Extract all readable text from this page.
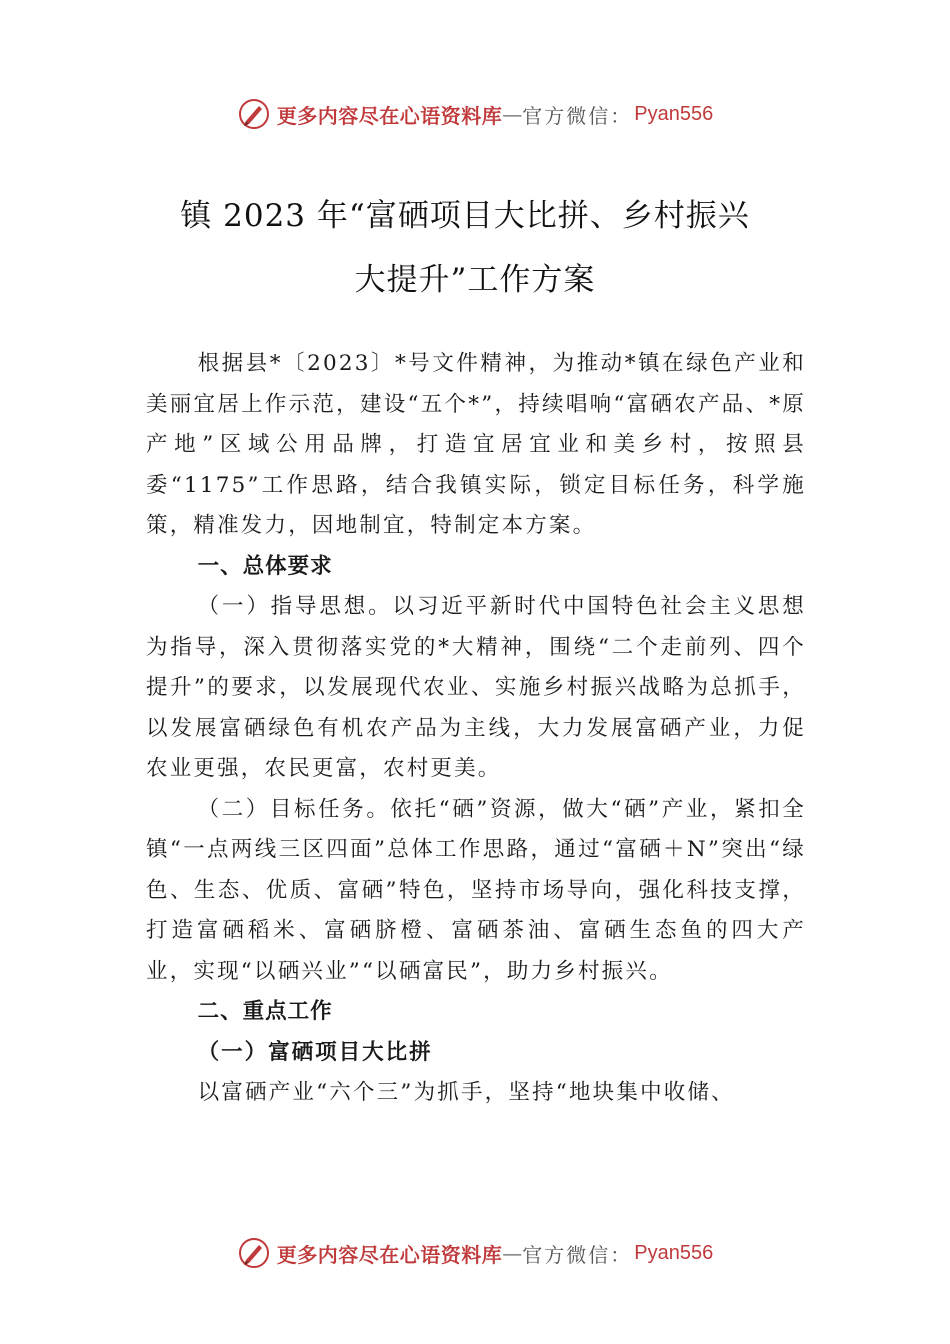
更多内容尽在心语资料库 — 官方微信： Pyan556
镇 2023 年“富硒项目大比拼、乡村振兴
大提升”工作方案

根据县*〔2023〕*号文件精神，为推动*镇在绿色产业和美丽宜居上作示范，建设“五个*”，持续唱响“富硒农产品、*原产地”区域公用品牌，打造宜居宜业和美乡村，按照县委“1175”工作思路，结合我镇实际，锁定目标任务，科学施策，精准发力，因地制宜，特制定本方案。

一、总体要求

（一）指导思想。以习近平新时代中国特色社会主义思想为指导，深入贯彻落实党的*大精神，围绕“二个走前列、四个提升”的要求，以发展现代农业、实施乡村振兴战略为总抓手，以发展富硒绿色有机农产品为主线，大力发展富硒产业，力促农业更强，农民更富，农村更美。

（二）目标任务。依托“硒”资源，做大“硒”产业，紧扣全镇“一点两线三区四面”总体工作思路，通过“富硒＋N”突出“绿色、生态、优质、富硒”特色，坚持市场导向，强化科技支撑，打造富硒稻米、富硒脐橙、富硒茶油、富硒生态鱼的四大产业，实现“以硒兴业”“以硒富民”，助力乡村振兴。

二、重点工作
（一）富硒项目大比拼

以富硒产业“六个三”为抓手，坚持“地块集中收储、

更多内容尽在心语资料库 — 官方微信： Pyan556
